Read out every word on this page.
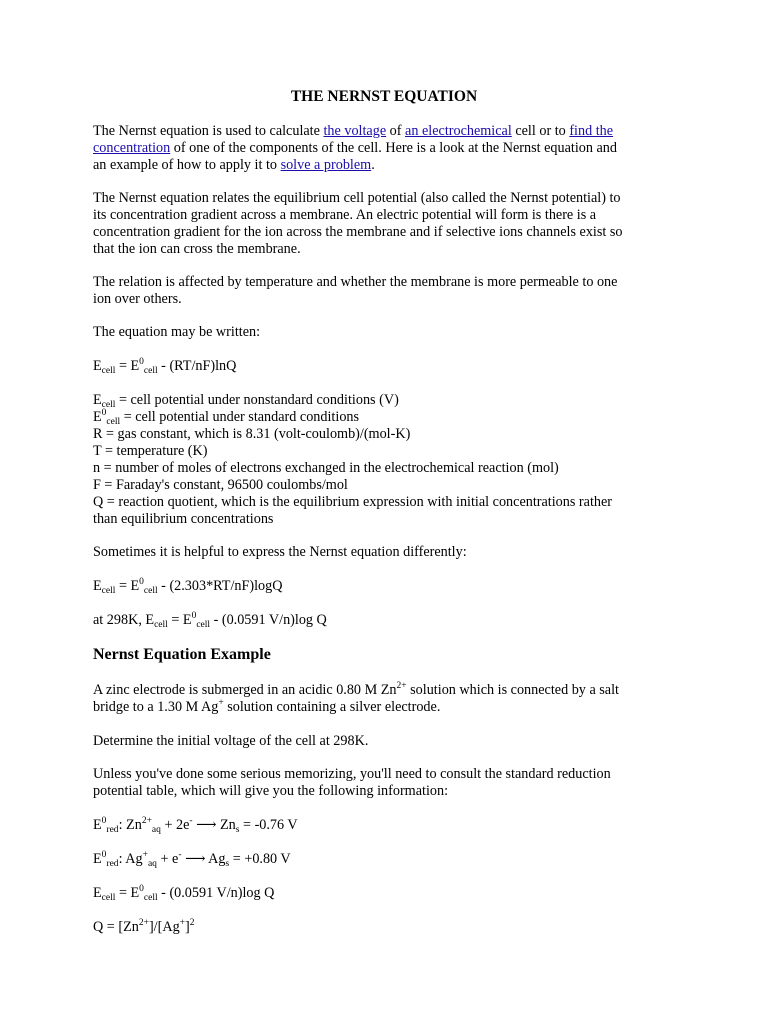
THE NERNST EQUATION
The Nernst equation is used to calculate the voltage of an electrochemical cell or to find the
concentration of one of the components of the cell. Here is a look at the Nernst equation and
an example of how to apply it to solve a problem.
The Nernst equation relates the equilibrium cell potential (also called the Nernst potential) to
its concentration gradient across a membrane. An electric potential will form is there is a
concentration gradient for the ion across the membrane and if selective ions channels exist so
that the ion can cross the membrane.
The relation is affected by temperature and whether the membrane is more permeable to one
ion over others.
The equation may be written:
$E_{cell} = E^0_{cell} - (RT/nF)\ln Q$
$E_{cell}$ = cell potential under nonstandard conditions (V)
$E^0_{cell}$ = cell potential under standard conditions
R = gas constant, which is 8.31 (volt-coulomb)/(mol-K)
T = temperature (K)
n = number of moles of electrons exchanged in the electrochemical reaction (mol)
F = Faraday's constant, 96500 coulombs/mol
Q = reaction quotient, which is the equilibrium expression with initial concentrations rather
than equilibrium concentrations
Sometimes it is helpful to express the Nernst equation differently:
$E_{cell} = E^0_{cell} - (2.303*RT/nF)\log Q$
at 298K, $E_{cell} = E^0_{cell} - (0.0591$ V/n)log Q
Nernst Equation Example
A zinc electrode is submerged in an acidic 0.80 M $Zn^{2+}$ solution which is connected by a salt
bridge to a 1.30 M Ag+ solution containing a silver electrode.
Determine the initial voltage of the cell at 298K.
Unless you've done some serious memorizing, you'll need to consult the standard reduction
potential table, which will give you the following information:
$E^0_{red}$: $Zn^{2+}_{aq} + 2e^-$ ⟶ $Zn_s = -0.76$ V
$E^0_{red}$: $Ag^+_{aq} + e^-$ ⟶ $Ag_s = +0.80$ V
$E_{cell} = E^0_{cell} - (0.0591$ V/n)log Q
$Q = [Zn^{2+}]/[Ag^+]^2$
